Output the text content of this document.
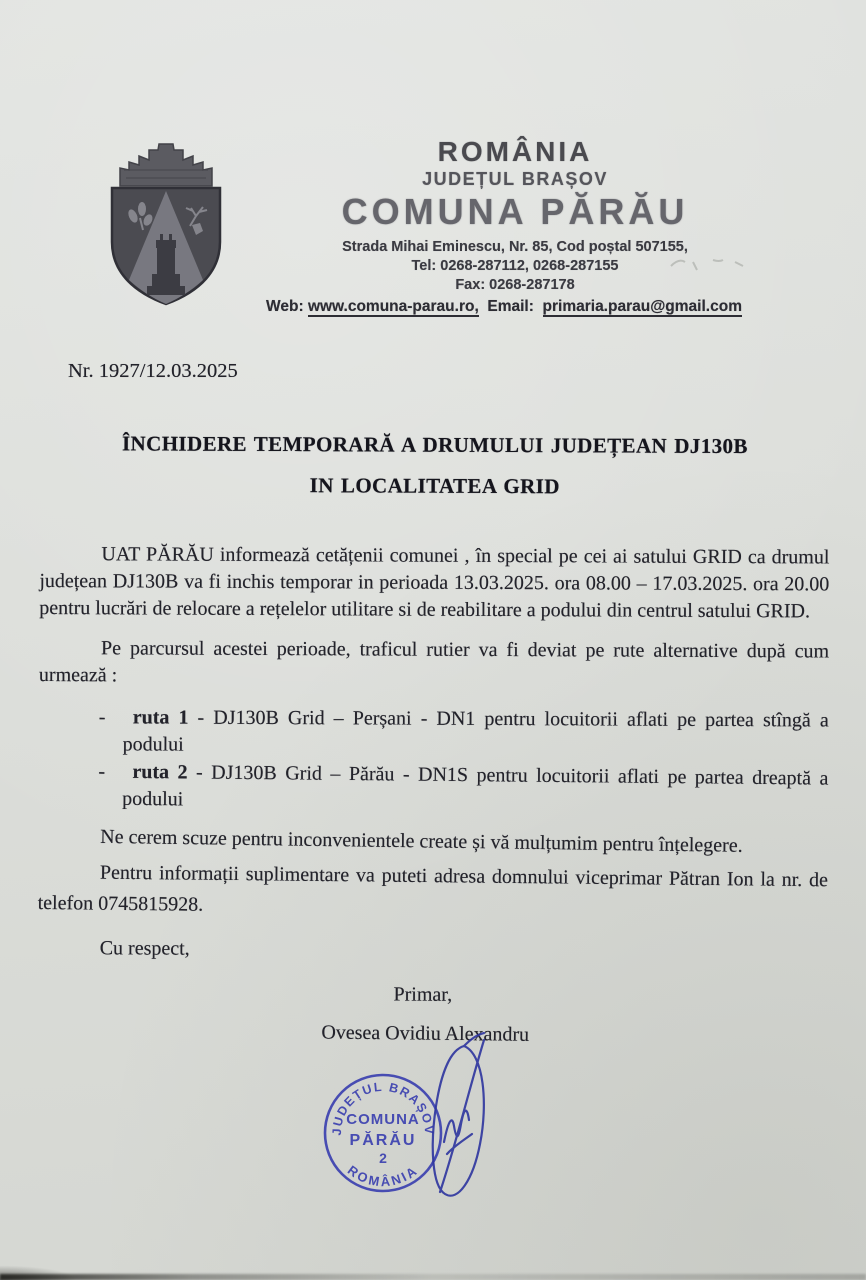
ROMÂNIA
JUDEȚUL BRAȘOV
COMUNA PĂRĂU
Strada Mihai Eminescu, Nr. 85, Cod poștal 507155,
Tel: 0268-287112, 0268-287155
Fax: 0268-287178
Web: www.comuna-parau.ro, Email: primaria.parau@gmail.com
Nr. 1927/12.03.2025
ÎNCHIDERE TEMPORARĂ A DRUMULUI JUDEȚEAN DJ130B
IN LOCALITATEA GRID

UAT PĂRĂU informează cetățenii comunei , în special pe cei ai satului GRID ca drumul județean DJ130B va fi inchis temporar in perioada 13.03.2025. ora 08.00 – 17.03.2025. ora 20.00 pentru lucrări de relocare a rețelelor utilitare si de reabilitare a podului din centrul satului GRID.

Pe parcursul acestei perioade, traficul rutier va fi deviat pe rute alternative după cum urmează :

- ruta 1 - DJ130B Grid – Perșani - DN1 pentru locuitorii aflati pe partea stîngă a podului
- ruta 2 - DJ130B Grid – Părău - DN1S pentru locuitorii aflati pe partea dreaptă a podului

Ne cerem scuze pentru inconvenientele create și vă mulțumim pentru înțelegere.

Pentru informații suplimentare va puteti adresa domnului viceprimar Pătran Ion la nr. de telefon 0745815928.

Cu respect,

Primar,
Ovesea Ovidiu Alexandru
JUDEȚUL BRAȘOV
ROMÂNIA
COMUNA
PĂRĂU
2
